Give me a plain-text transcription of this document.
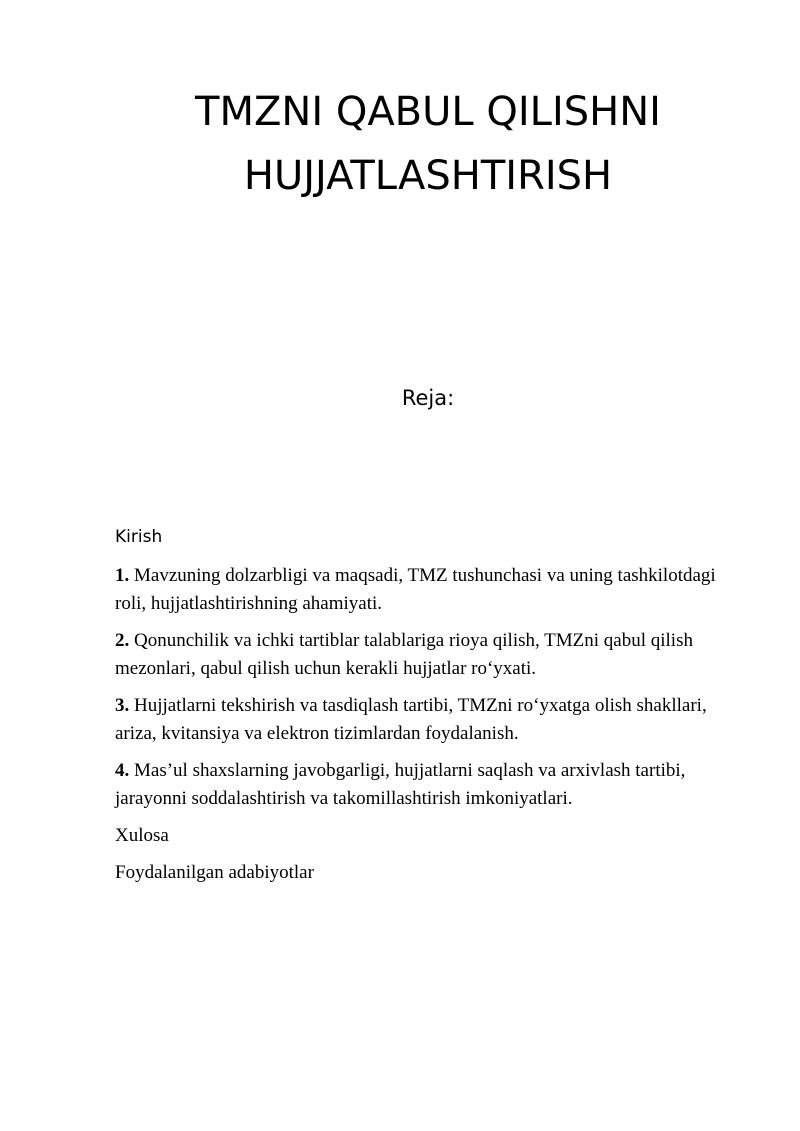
TMZNI QABUL QILISHNI HUJJATLASHTIRISH
Reja:

Kirish

1. Mavzuning dolzarbligi va maqsadi, TMZ tushunchasi va uning tashkilotdagi roli, hujjatlashtirishning ahamiyati.

2. Qonunchilik va ichki tartiblar talablariga rioya qilish, TMZni qabul qilish mezonlari, qabul qilish uchun kerakli hujjatlar ro‘yxati.

3. Hujjatlarni tekshirish va tasdiqlash tartibi, TMZni ro‘yxatga olish shakllari, ariza, kvitansiya va elektron tizimlardan foydalanish.

4. Mas’ul shaxslarning javobgarligi, hujjatlarni saqlash va arxivlash tartibi, jarayonni soddalashtirish va takomillashtirish imkoniyatlari.

Xulosa

Foydalanilgan adabiyotlar
